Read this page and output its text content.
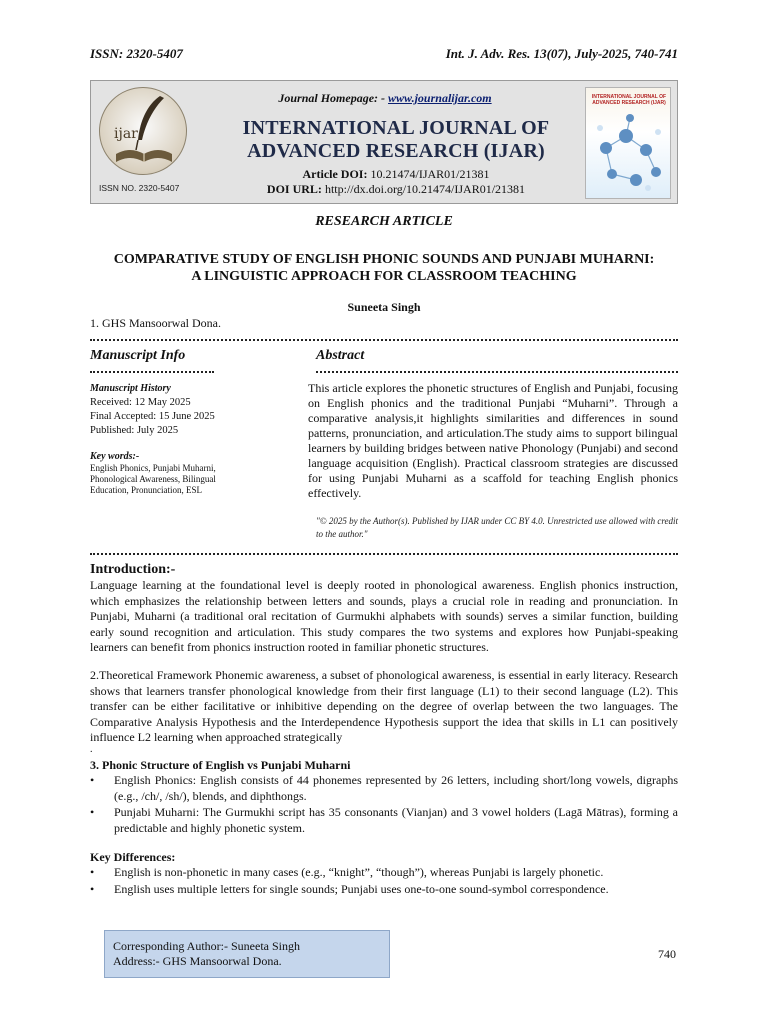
ISSN: 2320-5407	Int. J. Adv. Res. 13(07), July-2025, 740-741
ijar
ISSN NO. 2320-5407
Journal Homepage: - www.journalijar.com
INTERNATIONAL JOURNAL OF ADVANCED RESEARCH (IJAR)
Article DOI: 10.21474/IJAR01/21381
DOI URL: http://dx.doi.org/10.21474/IJAR01/21381
INTERNATIONAL JOURNAL OF ADVANCED RESEARCH (IJAR)
RESEARCH ARTICLE
COMPARATIVE STUDY OF ENGLISH PHONIC SOUNDS AND PUNJABI MUHARNI:
A LINGUISTIC APPROACH FOR CLASSROOM TEACHING
Suneeta Singh
1. GHS Mansoorwal Dona.
Manuscript Info	Abstract
Manuscript History
Received: 12 May 2025
Final Accepted: 15 June 2025
Published: July 2025
Key words:-
English Phonics, Punjabi Muharni, Phonological Awareness, Bilingual Education, Pronunciation, ESL
This article explores the phonetic structures of English and Punjabi, focusing on English phonics and the traditional Punjabi “Muharni”. Through a comparative analysis,it highlights similarities and differences in sound patterns, pronunciation, and articulation.The study aims to support bilingual learners by building bridges between native Phonology (Punjabi) and second language acquisition (English). Practical classroom strategies are discussed for using Punjabi Muharni as a scaffold for teaching English phonics effectively.
"© 2025 by the Author(s). Published by IJAR under CC BY 4.0. Unrestricted use allowed with credit to the author."
Introduction:-
Language learning at the foundational level is deeply rooted in phonological awareness. English phonics instruction, which emphasizes the relationship between letters and sounds, plays a crucial role in reading and pronunciation. In Punjabi, Muharni (a traditional oral recitation of Gurmukhi alphabets with sounds) serves a similar function, building early sound recognition and articulation. This study compares the two systems and explores how Punjabi-speaking learners can benefit from phonics instruction rooted in familiar phonetic structures.
2.Theoretical Framework Phonemic awareness, a subset of phonological awareness, is essential in early literacy. Research shows that learners transfer phonological knowledge from their first language (L1) to their second language (L2). This transfer can be either facilitative or inhibitive depending on the degree of overlap between the two languages. The Comparative Analysis Hypothesis and the Interdependence Hypothesis support the idea that skills in L1 can positively influence L2 learning when approached strategically
.
3. Phonic Structure of English vs Punjabi Muharni
• English Phonics: English consists of 44 phonemes represented by 26 letters, including short/long vowels, digraphs (e.g., /ch/, /sh/), blends, and diphthongs.
• Punjabi Muharni: The Gurmukhi script has 35 consonants (Vianjan) and 3 vowel holders (Lagā Mātras), forming a predictable and highly phonetic system.
Key Differences:
• English is non-phonetic in many cases (e.g., “knight”, “though”), whereas Punjabi is largely phonetic.
• English uses multiple letters for single sounds; Punjabi uses one-to-one sound-symbol correspondence.
Corresponding Author:- Suneeta Singh
Address:- GHS Mansoorwal Dona.	740
